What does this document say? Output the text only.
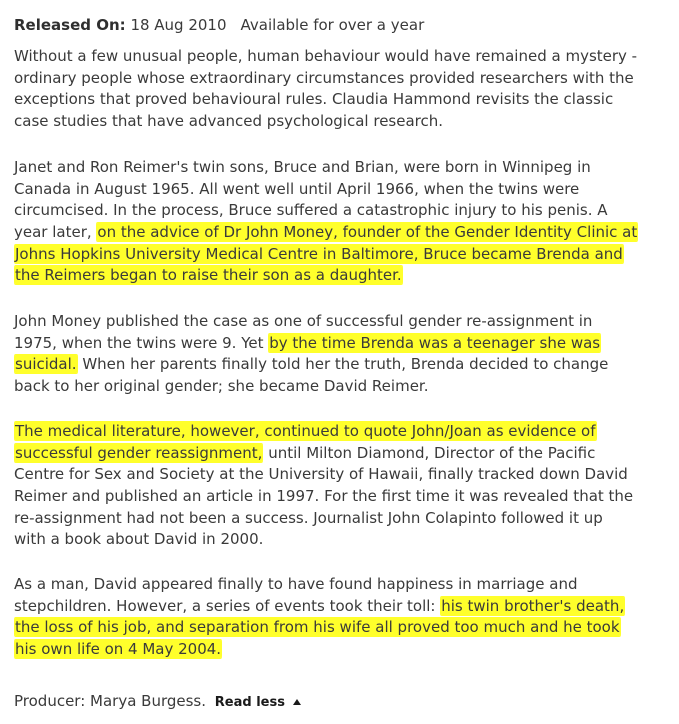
Released On: 18 Aug 2010 Available for over a year
Without a few unusual people, human behaviour would have remained a mystery -
ordinary people whose extraordinary circumstances provided researchers with the
exceptions that proved behavioural rules. Claudia Hammond revisits the classic
case studies that have advanced psychological research.
Janet and Ron Reimer's twin sons, Bruce and Brian, were born in Winnipeg in
Canada in August 1965. All went well until April 1966, when the twins were
circumcised. In the process, Bruce suffered a catastrophic injury to his penis. A
year later, on the advice of Dr John Money, founder of the Gender Identity Clinic at
Johns Hopkins University Medical Centre in Baltimore, Bruce became Brenda and
the Reimers began to raise their son as a daughter.
John Money published the case as one of successful gender re-assignment in
1975, when the twins were 9. Yet by the time Brenda was a teenager she was
suicidal. When her parents finally told her the truth, Brenda decided to change
back to her original gender; she became David Reimer.
The medical literature, however, continued to quote John/Joan as evidence of
successful gender reassignment, until Milton Diamond, Director of the Pacific
Centre for Sex and Society at the University of Hawaii, finally tracked down David
Reimer and published an article in 1997. For the first time it was revealed that the
re-assignment had not been a success. Journalist John Colapinto followed it up
with a book about David in 2000.
As a man, David appeared finally to have found happiness in marriage and
stepchildren. However, a series of events took their toll: his twin brother's death,
the loss of his job, and separation from his wife all proved too much and he took
his own life on 4 May 2004.
Producer: Marya Burgess. Read less
